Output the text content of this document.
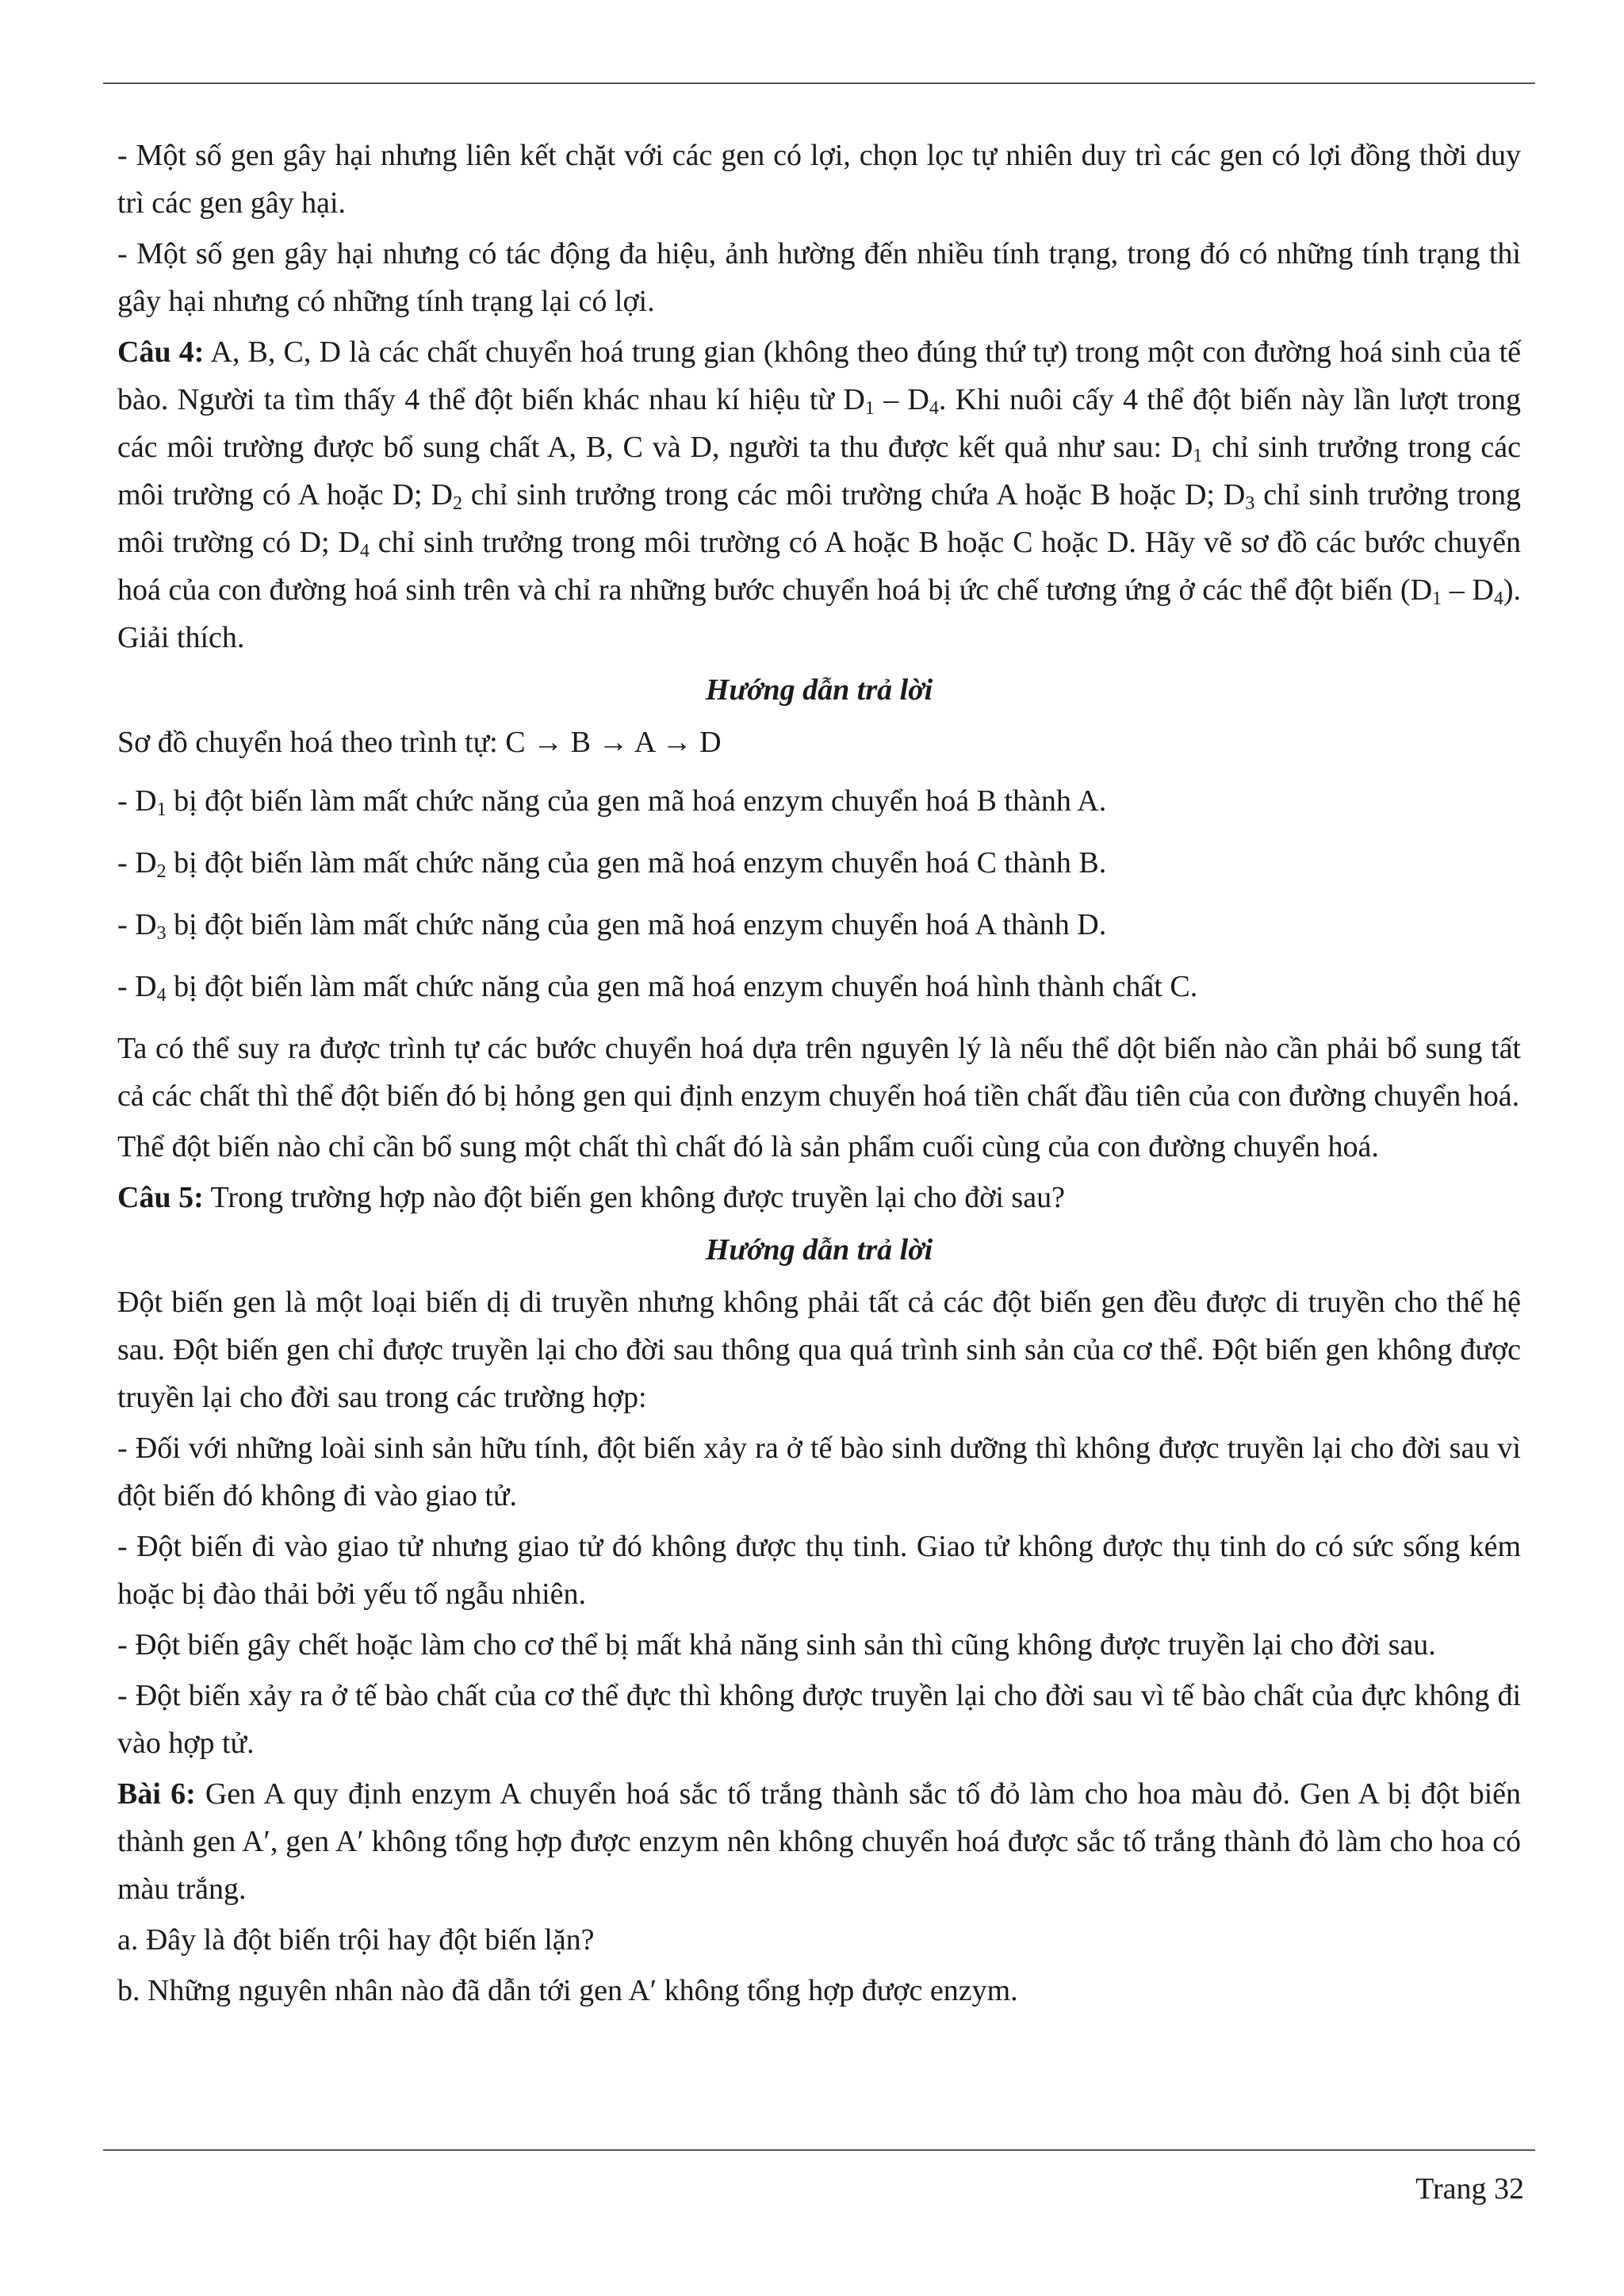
- Một số gen gây hại nhưng liên kết chặt với các gen có lợi, chọn lọc tự nhiên duy trì các gen có lợi đồng thời duy trì các gen gây hại.

- Một số gen gây hại nhưng có tác động đa hiệu, ảnh hường đến nhiều tính trạng, trong đó có những tính trạng thì gây hại nhưng có những tính trạng lại có lợi.

Câu 4: A, B, C, D là các chất chuyển hoá trung gian (không theo đúng thứ tự) trong một con đường hoá sinh của tế bào. Người ta tìm thấy 4 thể đột biến khác nhau kí hiệu từ $D_1 - D_4$. Khi nuôi cấy 4 thể đột biến này lần lượt trong các môi trường được bổ sung chất A, B, C và D, người ta thu được kết quả như sau: $D_1$ chỉ sinh trưởng trong các môi trường có A hoặc D; $D_2$ chỉ sinh trưởng trong các môi trường chứa A hoặc B hoặc D; $D_3$ chỉ sinh trưởng trong môi trường có D; $D_4$ chỉ sinh trưởng trong môi trường có A hoặc B hoặc C hoặc D. Hãy vẽ sơ đồ các bước chuyển hoá của con đường hoá sinh trên và chỉ ra những bước chuyển hoá bị ức chế tương ứng ở các thể đột biến $(D_1 - D_4)$. Giải thích.

Hướng dẫn trả lời

Sơ đồ chuyển hoá theo trình tự: C → B → A → D

- $D_1$ bị đột biến làm mất chức năng của gen mã hoá enzym chuyển hoá B thành A.

- $D_2$ bị đột biến làm mất chức năng của gen mã hoá enzym chuyển hoá C thành B.

- $D_3$ bị đột biến làm mất chức năng của gen mã hoá enzym chuyển hoá A thành D.

- $D_4$ bị đột biến làm mất chức năng của gen mã hoá enzym chuyển hoá hình thành chất C.

Ta có thể suy ra được trình tự các bước chuyển hoá dựa trên nguyên lý là nếu thể dột biến nào cần phải bổ sung tất cả các chất thì thể đột biến đó bị hỏng gen qui định enzym chuyển hoá tiền chất đầu tiên của con đường chuyển hoá.

Thể đột biến nào chỉ cần bổ sung một chất thì chất đó là sản phẩm cuối cùng của con đường chuyển hoá.

Câu 5: Trong trường hợp nào đột biến gen không được truyền lại cho đời sau?

Hướng dẫn trả lời

Đột biến gen là một loại biến dị di truyền nhưng không phải tất cả các đột biến gen đều được di truyền cho thế hệ sau. Đột biến gen chỉ được truyền lại cho đời sau thông qua quá trình sinh sản của cơ thể. Đột biến gen không được truyền lại cho đời sau trong các trường hợp:

- Đối với những loài sinh sản hữu tính, đột biến xảy ra ở tế bào sinh dưỡng thì không được truyền lại cho đời sau vì đột biến đó không đi vào giao tử.

- Đột biến đi vào giao tử nhưng giao tử đó không được thụ tinh. Giao tử không được thụ tinh do có sức sống kém hoặc bị đào thải bởi yếu tố ngẫu nhiên.

- Đột biến gây chết hoặc làm cho cơ thể bị mất khả năng sinh sản thì cũng không được truyền lại cho đời sau.

- Đột biến xảy ra ở tế bào chất của cơ thể đực thì không được truyền lại cho đời sau vì tế bào chất của đực không đi vào hợp tử.

Bài 6: Gen A quy định enzym A chuyển hoá sắc tố trắng thành sắc tố đỏ làm cho hoa màu đỏ. Gen A bị đột biến thành gen A′, gen A′ không tổng hợp được enzym nên không chuyển hoá được sắc tố trắng thành đỏ làm cho hoa có màu trắng.

a. Đây là đột biến trội hay đột biến lặn?

b. Những nguyên nhân nào đã dẫn tới gen A′ không tổng hợp được enzym.

Trang 32
